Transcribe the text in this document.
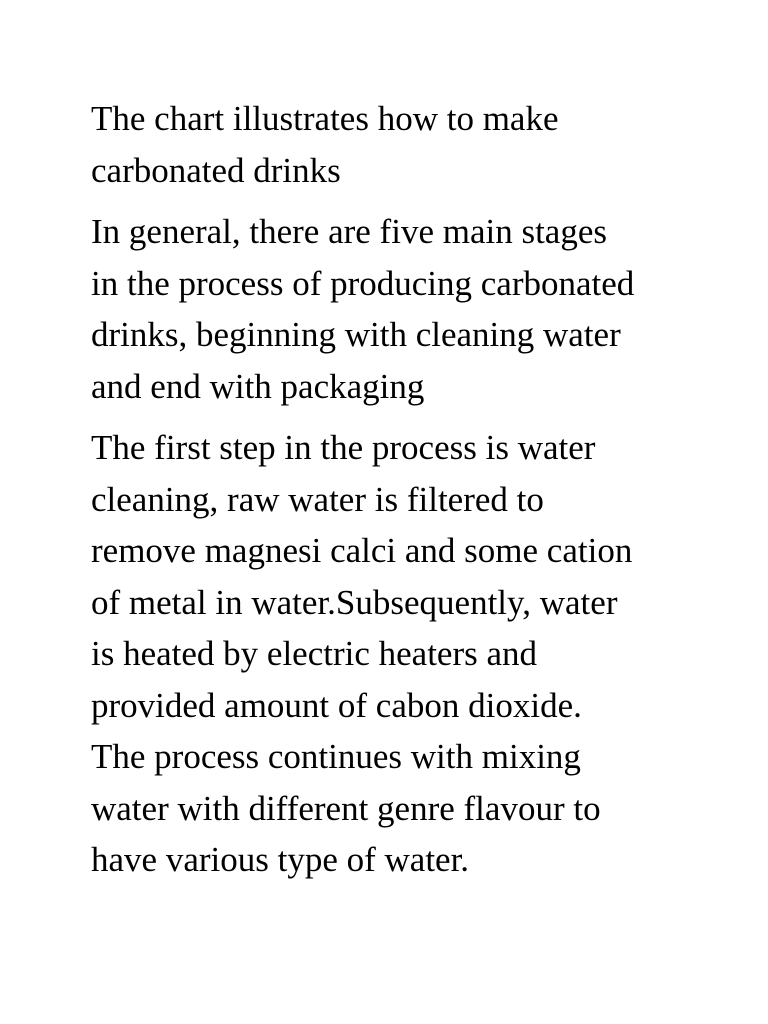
The chart illustrates how to make
carbonated drinks

In general, there are five main stages
in the process of producing carbonated
drinks, beginning with cleaning water
and end with packaging

The first step in the process is water
cleaning, raw water is filtered to
remove magnesi calci and some cation
of metal in water.Subsequently, water
is heated by electric heaters and
provided amount of cabon dioxide.
The process continues with mixing
water with different genre flavour to
have various type of water.
